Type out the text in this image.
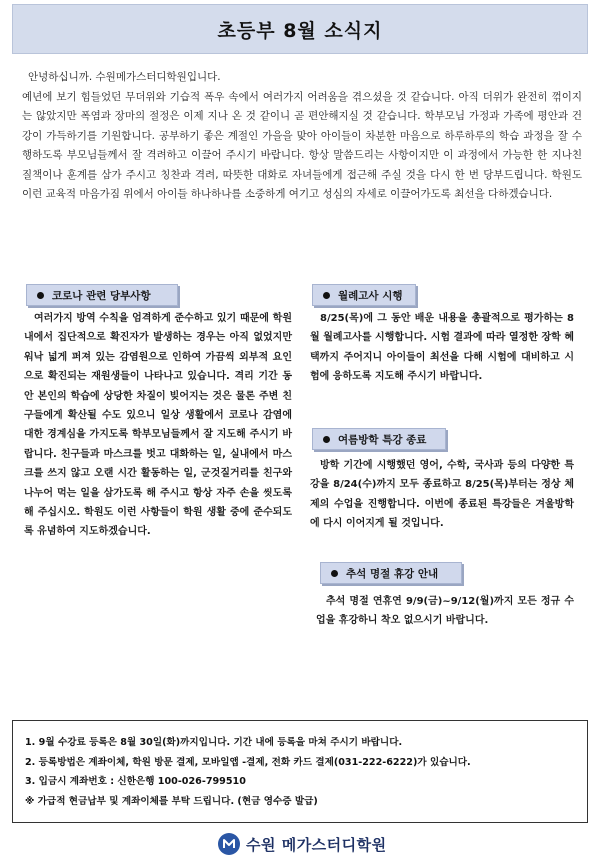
초등부 8월 소식지

안녕하십니까. 수원메가스터디학원입니다.

예년에 보기 힘들었던 무더위와 기습적 폭우 속에서 여러가지 어려움을 겪으셨을 것 같습니다. 아직 더위가 완전히 꺾이지는 않았지만 폭염과 장마의 절정은 이제 지나 온 것 같이니 곧 편안해지실 것 같습니다. 학부모님 가정과 가족에 평안과 건강이 가득하기를 기원합니다. 공부하기 좋은 계절인 가을을 맞아 아이들이 차분한 마음으로 하루하루의 학습 과정을 잘 수행하도록 부모님들께서 잘 격려하고 이끌어 주시기 바랍니다. 항상 말씀드리는 사항이지만 이 과정에서 가능한 한 지나친 질책이나 훈계를 삼가 주시고 칭찬과 격려, 따뜻한 대화로 자녀들에게 접근해 주실 것을 다시 한 번 당부드립니다. 학원도 이런 교육적 마음가짐 위에서 아이들 하나하나를 소중하게 여기고 성심의 자세로 이끌어가도록 최선을 다하겠습니다.

코로나 관련 당부사항

여러가지 방역 수칙을 엄격하게 준수하고 있기 때문에 학원 내에서 집단적으로 확진자가 발생하는 경우는 아직 없었지만 워낙 넓게 퍼져 있는 감염원으로 인하여 가끔씩 외부적 요인으로 확진되는 재원생들이 나타나고 있습니다. 격리 기간 동안 본인의 학습에 상당한 차질이 빚어지는 것은 물론 주변 친구들에게 확산될 수도 있으니 일상 생활에서 코로나 감염에 대한 경계심을 가지도록 학부모님들께서 잘 지도해 주시기 바랍니다. 친구들과 마스크를 벗고 대화하는 일, 실내에서 마스크를 쓰지 않고 오랜 시간 활동하는 일, 군것질거리를 친구와 나누어 먹는 일을 삼가도록 해 주시고 항상 자주 손을 씻도록 해 주십시오. 학원도 이런 사항들이 학원 생활 중에 준수되도록 유념하여 지도하겠습니다.

월례고사 시행

8/25(목)에 그 동안 배운 내용을 총괄적으로 평가하는 8월 월례고사를 시행합니다. 시험 결과에 따라 열정한 장학 혜택까지 주어지니 아이들이 최선을 다해 시험에 대비하고 시험에 응하도록 지도해 주시기 바랍니다.

여름방학 특강 종료

방학 기간에 시행했던 영어, 수학, 국사과 등의 다양한 특강을 8/24(수)까지 모두 종료하고 8/25(목)부터는 정상 체제의 수업을 진행합니다. 이번에 종료된 특강들은 겨울방학에 다시 이어지게 될 것입니다.

추석 명절 휴강 안내

추석 명절 연휴연 9/9(금)~9/12(월)까지 모든 정규 수업을 휴강하니 착오 없으시기 바랍니다.

1. 9월 수강료 등록은 8월 30일(화)까지입니다. 기간 내에 등록을 마쳐 주시기 바랍니다.
2. 등록방법은 계좌이체, 학원 방문 결제, 모바일앱 -결제, 전화 카드 결제(031-222-6222)가 있습니다.
3. 입금시 계좌번호 : 신한은행 100-026-799510
※ 가급적 현금납부 및 계좌이체를 부탁 드립니다. (현금 영수증 발급)
수원 메가스터디학원
